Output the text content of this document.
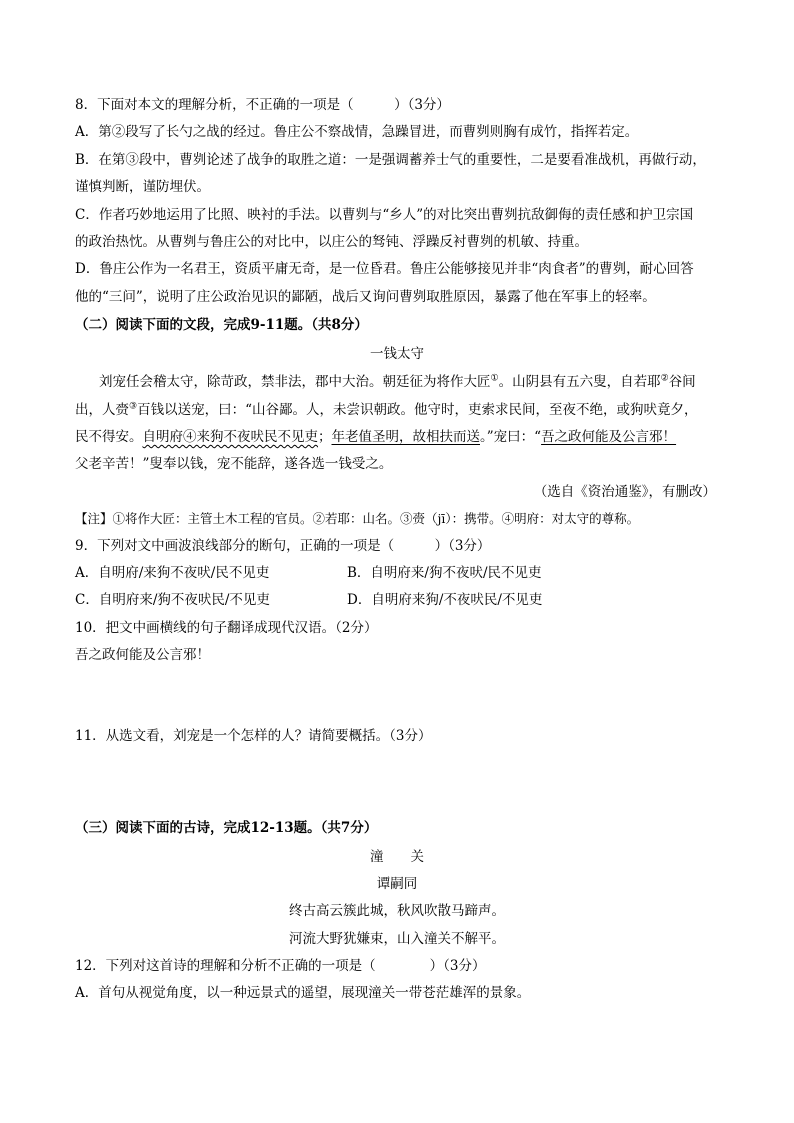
8．下面对本文的理解分析，不正确的一项是（　　　）（3分）
A．第②段写了长勺之战的经过。鲁庄公不察战情，急躁冒进，而曹刿则胸有成竹，指挥若定。
B．在第③段中，曹刿论述了战争的取胜之道：一是强调蓄养士气的重要性，二是要看准战机，再做行动，
谨慎判断，谨防埋伏。
C．作者巧妙地运用了比照、映衬的手法。以曹刿与“乡人”的对比突出曹刿抗敌御侮的责任感和护卫宗国
的政治热忱。从曹刿与鲁庄公的对比中，以庄公的驽钝、浮躁反衬曹刿的机敏、持重。
D．鲁庄公作为一名君王，资质平庸无奇，是一位昏君。鲁庄公能够接见并非“肉食者”的曹刿，耐心回答
他的“三问”，说明了庄公政治见识的鄙陋，战后又询问曹刿取胜原因，暴露了他在军事上的轻率。
（二）阅读下面的文段，完成9-11题。（共8分）
一钱太守
刘宠任会稽太守，除苛政，禁非法，郡中大治。朝廷征为将作大匠①。山阴县有五六叟，自若耶②谷间
出，人赍③百钱以送宠，曰：“山谷鄙。人，未尝识朝政。他守时，吏索求民间，至夜不绝，或狗吠竟夕，
民不得安。自明府④来狗不夜吠民不见吏；年老值圣明，故相扶而送。”宠曰：“吾之政何能及公言邪！
父老辛苦！”叟奉以钱，宠不能辞，遂各选一钱受之。
（选自《资治通鉴》，有删改）
【注】①将作大匠：主管土木工程的官员。②若耶：山名。③赍（jī）：携带。④明府：对太守的尊称。
9．下列对文中画波浪线部分的断句，正确的一项是（　　　）（3分）
A．自明府/来狗不夜吠/民不见吏	B．自明府来/狗不夜吠/民不见吏
C．自明府来/狗不夜吠民/不见吏	D．自明府来狗/不夜吠民/不见吏
10．把文中画横线的句子翻译成现代汉语。（2分）
吾之政何能及公言邪！
11．从选文看，刘宠是一个怎样的人？请简要概括。（3分）
（三）阅读下面的古诗，完成12-13题。（共7分）
潼　　关
谭嗣同
终古高云簇此城，秋风吹散马蹄声。
河流大野犹嫌束，山入潼关不解平。
12．下列对这首诗的理解和分析不正确的一项是（　　　　）（3分）
A．首句从视觉角度，以一种远景式的遥望，展现潼关一带苍茫雄浑的景象。
